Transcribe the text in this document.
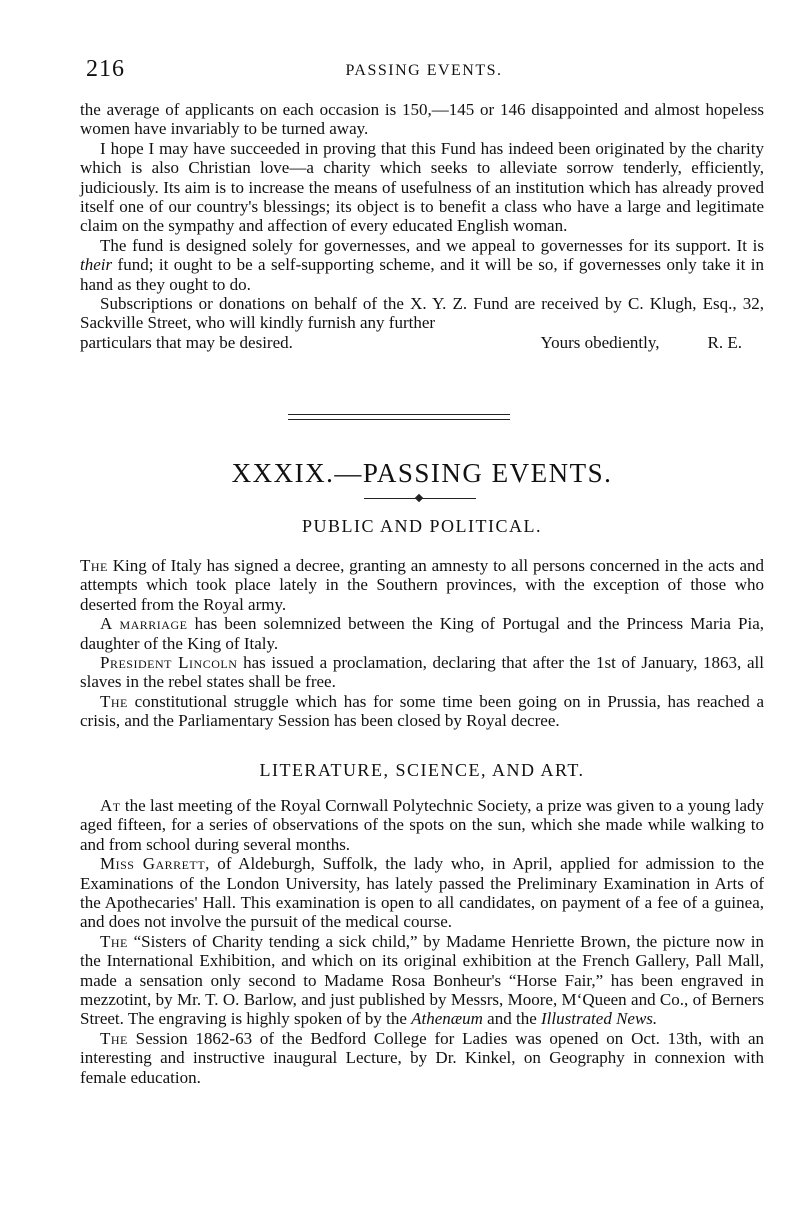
216	PASSING EVENTS.

the average of applicants on each occasion is 150,—145 or 146 disappointed and almost hopeless women have invariably to be turned away.

I hope I may have succeeded in proving that this Fund has indeed been originated by the charity which is also Christian love—a charity which seeks to alleviate sorrow tenderly, efficiently, judiciously. Its aim is to increase the means of usefulness of an institution which has already proved itself one of our country's blessings; its object is to benefit a class who have a large and legitimate claim on the sympathy and affection of every educated English woman.

The fund is designed solely for governesses, and we appeal to governesses for its support. It is their fund; it ought to be a self-supporting scheme, and it will be so, if governesses only take it in hand as they ought to do.

Subscriptions or donations on behalf of the X. Y. Z. Fund are received by C. Klugh, Esq., 32, Sackville Street, who will kindly furnish any further

particulars that may be desired.	Yours obediently,	R. E.
XXXIX.—PASSING EVENTS.
PUBLIC AND POLITICAL.

The King of Italy has signed a decree, granting an amnesty to all persons concerned in the acts and attempts which took place lately in the Southern provinces, with the exception of those who deserted from the Royal army.

A marriage has been solemnized between the King of Portugal and the Princess Maria Pia, daughter of the King of Italy.

President Lincoln has issued a proclamation, declaring that after the 1st of January, 1863, all slaves in the rebel states shall be free.

The constitutional struggle which has for some time been going on in Prussia, has reached a crisis, and the Parliamentary Session has been closed by Royal decree.

LITERATURE, SCIENCE, AND ART.

At the last meeting of the Royal Cornwall Polytechnic Society, a prize was given to a young lady aged fifteen, for a series of observations of the spots on the sun, which she made while walking to and from school during several months.

Miss Garrett, of Aldeburgh, Suffolk, the lady who, in April, applied for admission to the Examinations of the London University, has lately passed the Preliminary Examination in Arts of the Apothecaries' Hall. This examination is open to all candidates, on payment of a fee of a guinea, and does not involve the pursuit of the medical course.

The “Sisters of Charity tending a sick child,” by Madame Henriette Brown, the picture now in the International Exhibition, and which on its original exhibition at the French Gallery, Pall Mall, made a sensation only second to Madame Rosa Bonheur's “Horse Fair,” has been engraved in mezzotint, by Mr. T. O. Barlow, and just published by Messrs, Moore, M‘Queen and Co., of Berners Street. The engraving is highly spoken of by the Athenæum and the Illustrated News.

The Session 1862-63 of the Bedford College for Ladies was opened on Oct. 13th, with an interesting and instructive inaugural Lecture, by Dr. Kinkel, on Geography in connexion with female education.
